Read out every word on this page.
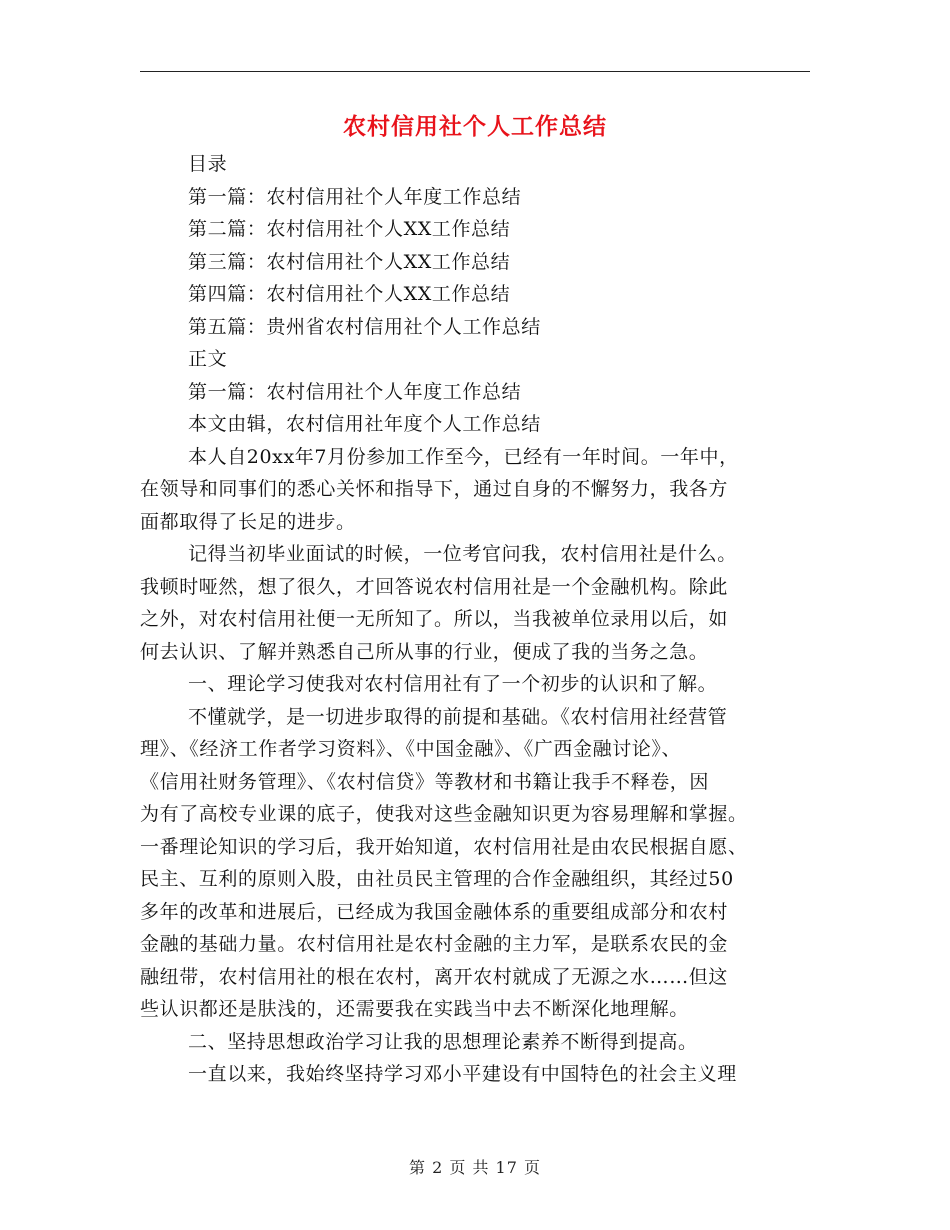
农村信用社个人工作总结
目录
第一篇：农村信用社个人年度工作总结
第二篇：农村信用社个人XX工作总结
第三篇：农村信用社个人XX工作总结
第四篇：农村信用社个人XX工作总结
第五篇：贵州省农村信用社个人工作总结
正文
第一篇：农村信用社个人年度工作总结
本文由辑，农村信用社年度个人工作总结
本人自20xx年7月份参加工作至今，已经有一年时间。一年中，
在领导和同事们的悉心关怀和指导下，通过自身的不懈努力，我各方
面都取得了长足的进步。
记得当初毕业面试的时候，一位考官问我，农村信用社是什么。
我顿时哑然，想了很久，才回答说农村信用社是一个金融机构。除此
之外，对农村信用社便一无所知了。所以，当我被单位录用以后，如
何去认识、了解并熟悉自己所从事的行业，便成了我的当务之急。
一、理论学习使我对农村信用社有了一个初步的认识和了解。
不懂就学，是一切进步取得的前提和基础。《农村信用社经营管
理》、《经济工作者学习资料》、《中国金融》、《广西金融讨论》、
《信用社财务管理》、《农村信贷》等教材和书籍让我手不释卷，因
为有了高校专业课的底子，使我对这些金融知识更为容易理解和掌握。
一番理论知识的学习后，我开始知道，农村信用社是由农民根据自愿、
民主、互利的原则入股，由社员民主管理的合作金融组织，其经过50
多年的改革和进展后，已经成为我国金融体系的重要组成部分和农村
金融的基础力量。农村信用社是农村金融的主力军，是联系农民的金
融纽带，农村信用社的根在农村，离开农村就成了无源之水……但这
些认识都还是肤浅的，还需要我在实践当中去不断深化地理解。
二、坚持思想政治学习让我的思想理论素养不断得到提高。
一直以来，我始终坚持学习邓小平建设有中国特色的社会主义理
第 2 页 共 17 页
